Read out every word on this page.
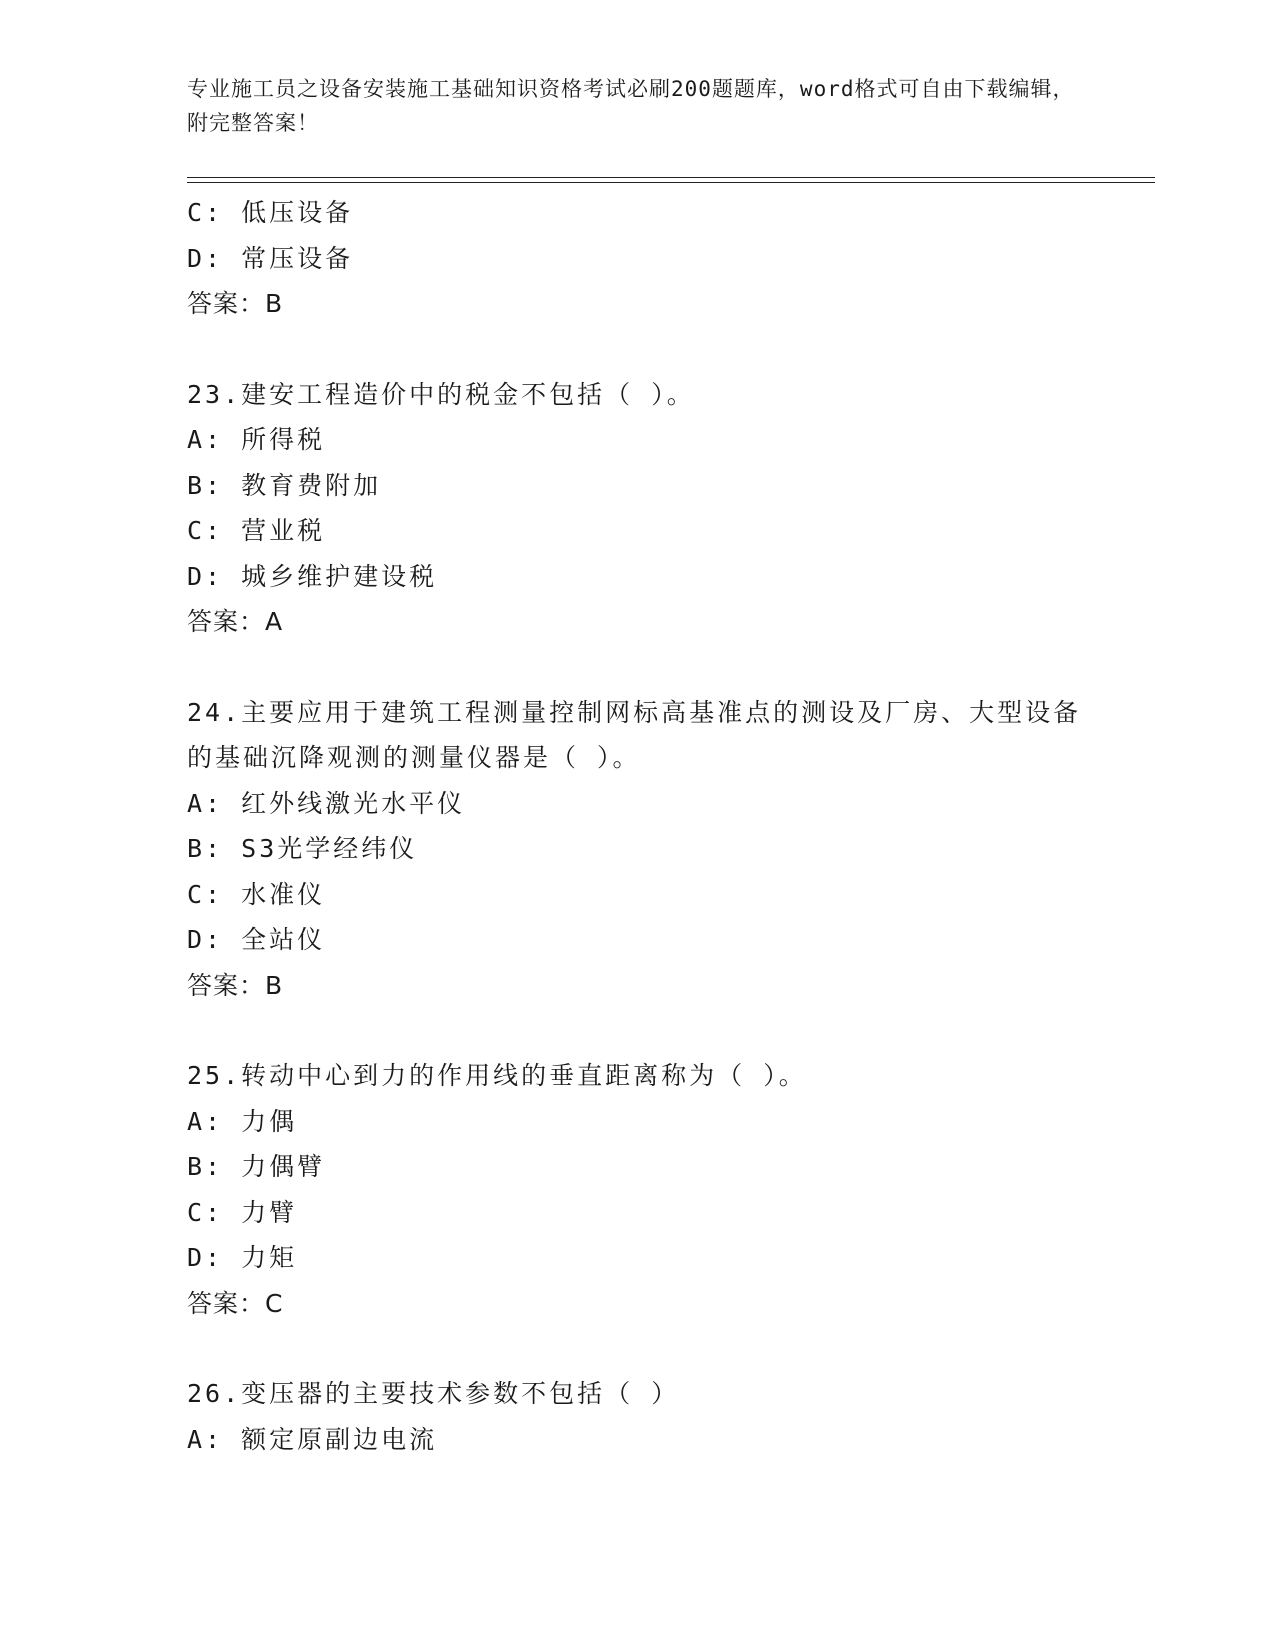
专业施工员之设备安装施工基础知识资格考试必刷200题题库，word格式可自由下载编辑，附完整答案！
C: 低压设备
D: 常压设备
答案：B
23.建安工程造价中的税金不包括（ ）。
A: 所得税
B: 教育费附加
C: 营业税
D: 城乡维护建设税
答案：A
24.主要应用于建筑工程测量控制网标高基准点的测设及厂房、大型设备的基础沉降观测的测量仪器是（ ）。
A: 红外线激光水平仪
B: S3光学经纬仪
C: 水准仪
D: 全站仪
答案：B
25.转动中心到力的作用线的垂直距离称为（ ）。
A: 力偶
B: 力偶臂
C: 力臂
D: 力矩
答案：C
26.变压器的主要技术参数不包括（ ）
A: 额定原副边电流
